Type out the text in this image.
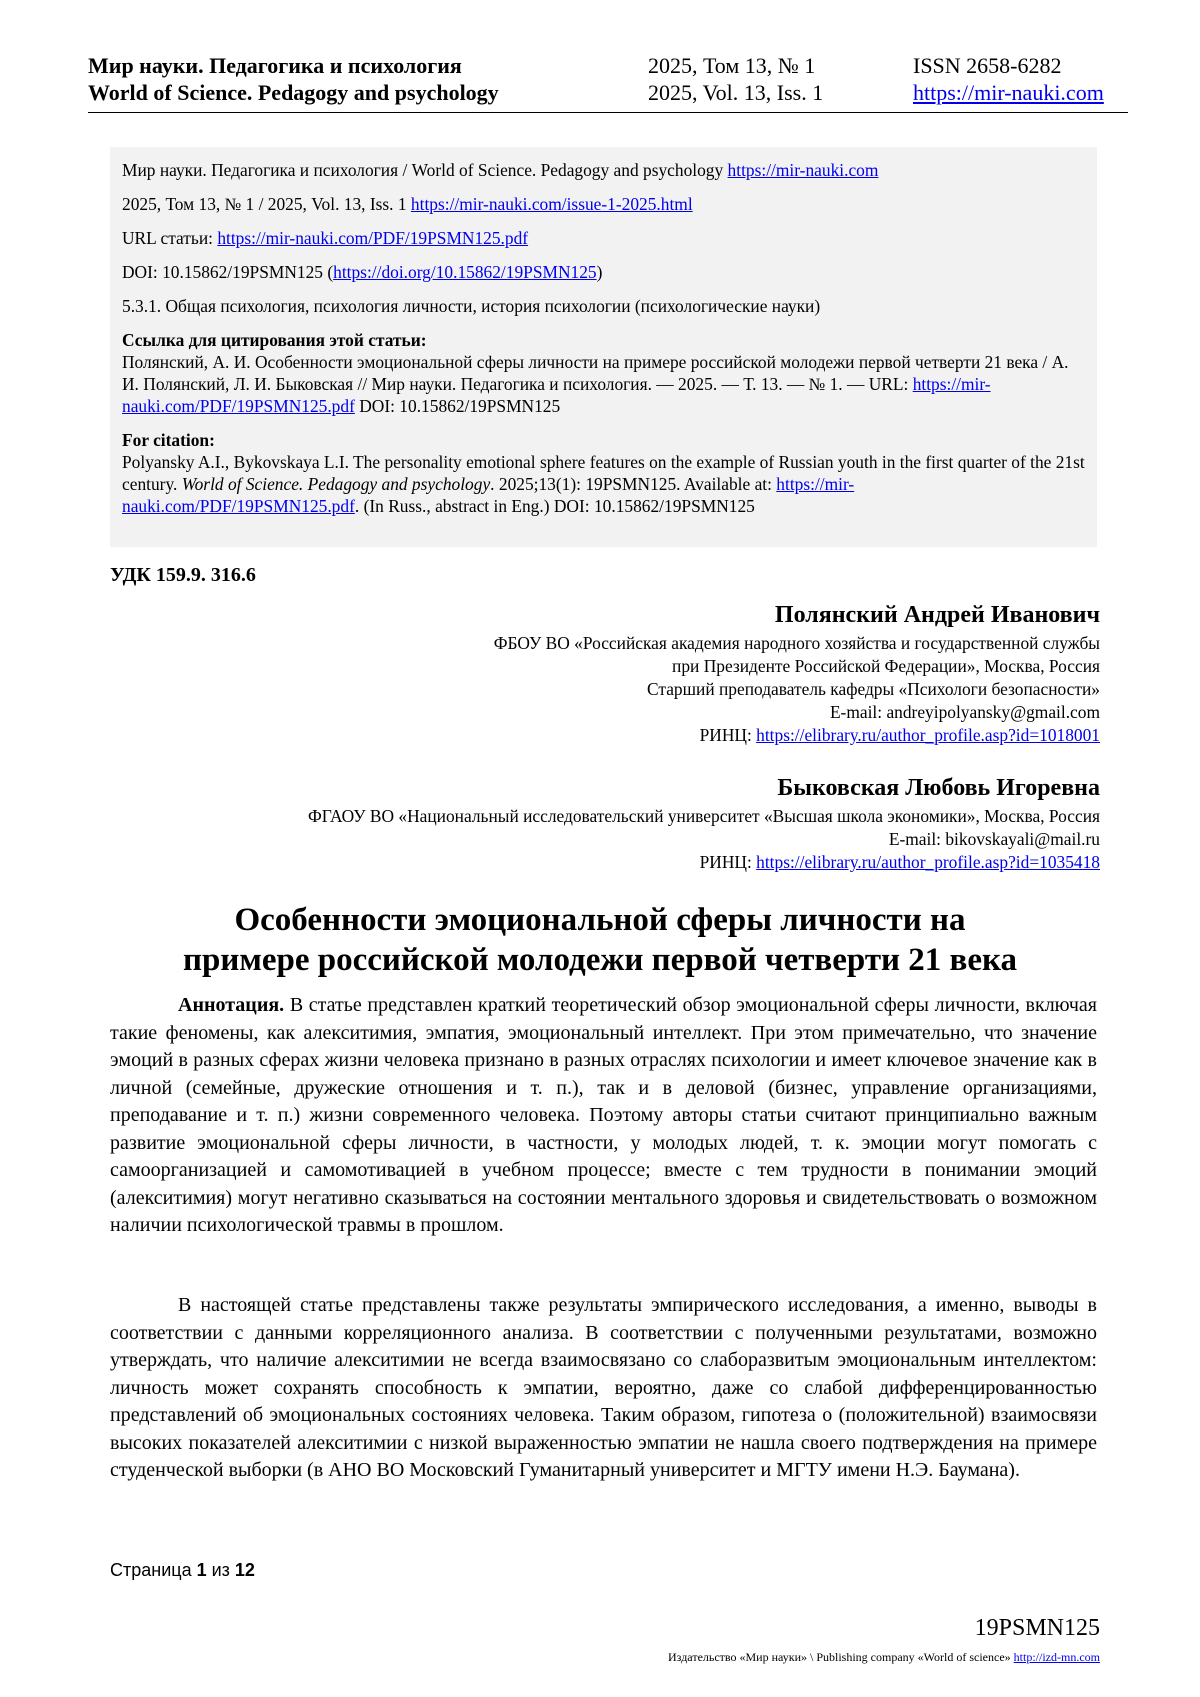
Мир науки. Педагогика и психология
World of Science. Pedagogy and psychology
2025, Том 13, № 1
2025, Vol. 13, Iss. 1
ISSN 2658-6282
https://mir-nauki.com

Мир науки. Педагогика и психология / World of Science. Pedagogy and psychology https://mir-nauki.com

2025, Том 13, № 1 / 2025, Vol. 13, Iss. 1 https://mir-nauki.com/issue-1-2025.html

URL статьи: https://mir-nauki.com/PDF/19PSMN125.pdf

DOI: 10.15862/19PSMN125 (https://doi.org/10.15862/19PSMN125)

5.3.1. Общая психология, психология личности, история психологии (психологические науки)

Ссылка для цитирования этой статьи:

Полянский, А. И. Особенности эмоциональной сферы личности на примере российской молодежи первой четверти 21 века / А. И. Полянский, Л. И. Быковская // Мир науки. Педагогика и психология. — 2025. — Т. 13. — № 1. — URL: https://mir-nauki.com/PDF/19PSMN125.pdf DOI: 10.15862/19PSMN125

For citation:

Polyansky A.I., Bykovskaya L.I. The personality emotional sphere features on the example of Russian youth in the first quarter of the 21st century. World of Science. Pedagogy and psychology. 2025;13(1): 19PSMN125. Available at: https://mir-nauki.com/PDF/19PSMN125.pdf. (In Russ., abstract in Eng.) DOI: 10.15862/19PSMN125

УДК 159.9. 316.6
Полянский Андрей Иванович
ФБОУ ВО «Российская академия народного хозяйства и государственной службы
при Президенте Российской Федерации», Москва, Россия
Старший преподаватель кафедры «Психологи безопасности»
E-mail: andreyipolyansky@gmail.com
РИНЦ: https://elibrary.ru/author_profile.asp?id=1018001
Быковская Любовь Игоревна
ФГАОУ ВО «Национальный исследовательский университет «Высшая школа экономики», Москва, Россия
E-mail: bikovskayali@mail.ru
РИНЦ: https://elibrary.ru/author_profile.asp?id=1035418
Особенности эмоциональной сферы личности на
примере российской молодежи первой четверти 21 века

Аннотация. В статье представлен краткий теоретический обзор эмоциональной сферы личности, включая такие феномены, как алекситимия, эмпатия, эмоциональный интеллект. При этом примечательно, что значение эмоций в разных сферах жизни человека признано в разных отраслях психологии и имеет ключевое значение как в личной (семейные, дружеские отношения и т. п.), так и в деловой (бизнес, управление организациями, преподавание и т. п.) жизни современного человека. Поэтому авторы статьи считают принципиально важным развитие эмоциональной сферы личности, в частности, у молодых людей, т. к. эмоции могут помогать с самоорганизацией и самомотивацией в учебном процессе; вместе с тем трудности в понимании эмоций (алекситимия) могут негативно сказываться на состоянии ментального здоровья и свидетельствовать о возможном наличии психологической травмы в прошлом.

В настоящей статье представлены также результаты эмпирического исследования, а именно, выводы в соответствии с данными корреляционного анализа. В соответствии с полученными результатами, возможно утверждать, что наличие алекситимии не всегда взаимосвязано со слаборазвитым эмоциональным интеллектом: личность может сохранять способность к эмпатии, вероятно, даже со слабой дифференцированностью представлений об эмоциональных состояниях человека. Таким образом, гипотеза о (положительной) взаимосвязи высоких показателей алекситимии с низкой выраженностью эмпатии не нашла своего подтверждения на примере студенческой выборки (в АНО ВО Московский Гуманитарный университет и МГТУ имени Н.Э. Баумана).

Страница 1 из 12
19PSMN125
Издательство «Мир науки» \ Publishing company «World of science» http://izd-mn.com
